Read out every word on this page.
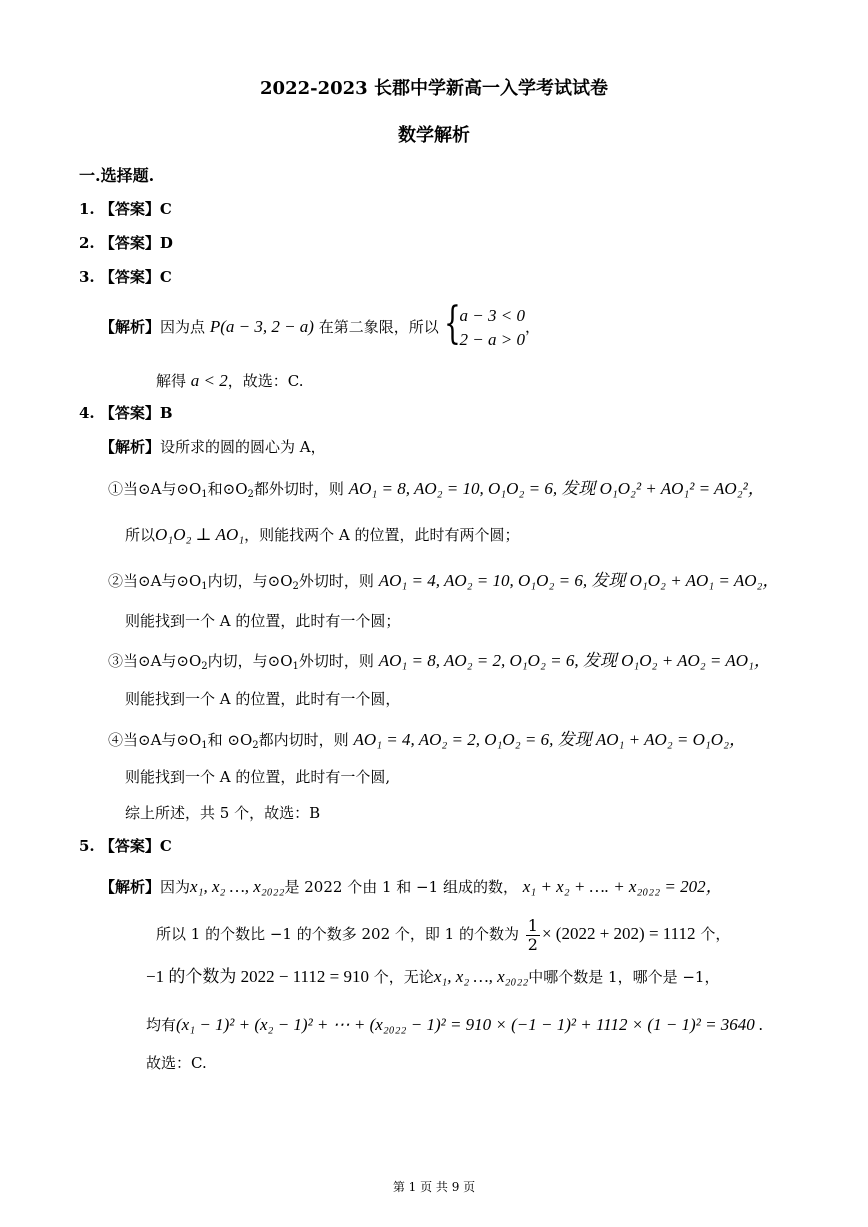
2022-2023 长郡中学新高一入学考试试卷
数学解析
一.选择题.
1. 【答案】C
2. 【答案】D
3. 【答案】C
【解析】因为点 P(a − 3, 2 − a) 在第二象限，所以 { a − 3 < 0
2 − a > 0
，
解得 a < 2，故选：C.
4. 【答案】B
【解析】设所求的圆的圆心为 A，
①当⊙A与$⊙O_1$和$⊙O_2$都外切时，则 AO₁ = 8, AO₂ = 10, O₁O₂ = 6, 发现 O₁O₂² + AO₁² = AO₂²，
所以O₁O₂ ⊥ AO₁，则能找两个 A 的位置，此时有两个圆；
②当⊙A与$⊙O_1$内切，与$⊙O_2$外切时，则 AO₁ = 4, AO₂ = 10, O₁O₂ = 6, 发现 O₁O₂ + AO₁ = AO₂，
则能找到一个 A 的位置，此时有一个圆；
③当⊙A与$⊙O_2$内切，与$⊙O_1$外切时，则 AO₁ = 8, AO₂ = 2, O₁O₂ = 6, 发现 O₁O₂ + AO₂ = AO₁，
则能找到一个 A 的位置，此时有一个圆，
④当⊙A与$⊙O_1$和 $⊙O_2$都内切时，则 AO₁ = 4, AO₂ = 2, O₁O₂ = 6, 发现 AO₁ + AO₂ = O₁O₂，
则能找到一个 A 的位置，此时有一个圆,
综上所述，共 5 个，故选：B
5. 【答案】C
【解析】因为x₁, x₂ …, x₂₀₂₂是 2022 个由 1 和 −1 组成的数， x₁ + x₂ + …. + x₂₀₂₂ = 202，
所以 1 的个数比 −1 的个数多 202 个，即 1 的个数为 $\frac{1}{2} \times (2022 + 202) = 1112$ 个，
−1 的个数为 2022 − 1112 = 910 个，无论x₁, x₂ …, x₂₀₂₂中哪个数是 1，哪个是 −1，
均有(x₁ − 1)² + (x₂ − 1)² + ⋯ + (x₂₀₂₂ − 1)² = 910 × (−1 − 1)² + 1112 × (1 − 1)² = 3640 .
故选：C.
第 1 页 共 9 页
